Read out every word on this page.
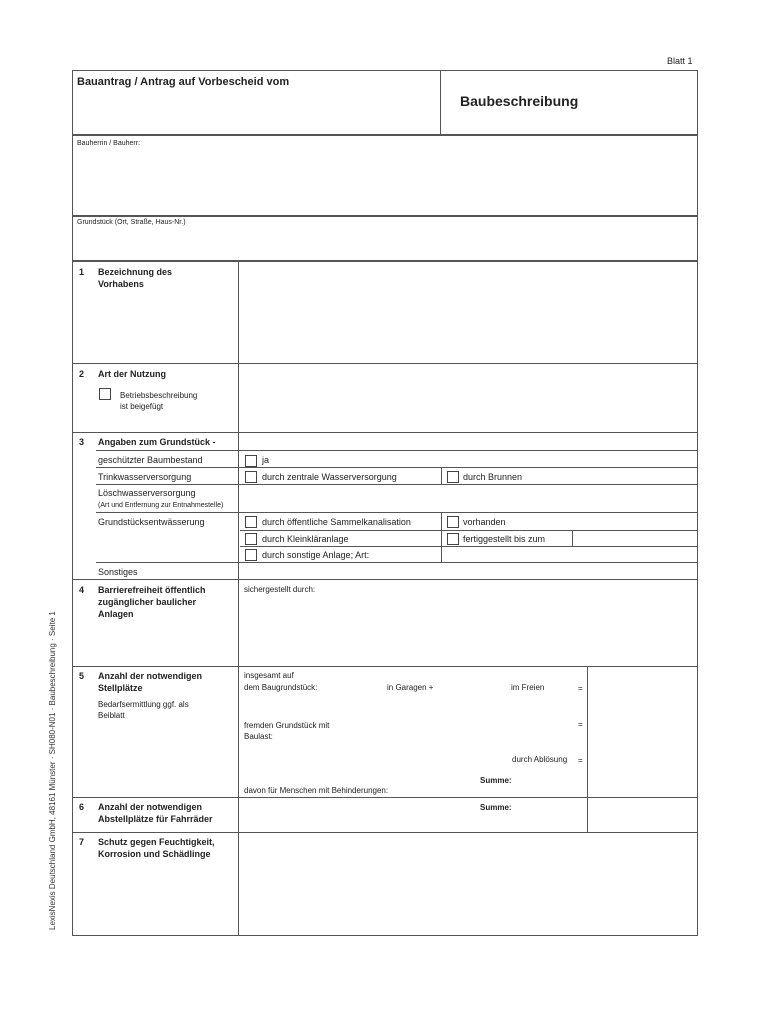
Blatt 1
Bauantrag / Antrag auf Vorbescheid vom
Baubeschreibung
Bauherrin / Bauherr:
Grundstück (Ort, Straße, Haus-Nr.)
1 Bezeichnung des
Vorhabens
2 Art der Nutzung
Betriebsbeschreibung
ist beigefügt
3 Angaben zum Grundstück -
geschützter Baumbestand	ja
Trinkwasserversorgung	durch zentrale Wasserversorgung	durch Brunnen
Löschwasserversorgung
(Art und Entfernung zur Entnahmestelle)
Grundstücksentwässerung	durch öffentliche Sammelkanalisation	vorhanden
durch Kleinkläranlage	fertiggestellt bis zum
durch sonstige Anlage; Art:
Sonstiges
4 Barrierefreiheit öffentlich
zugänglicher baulicher
Anlagen
sichergestellt durch:
5 Anzahl der notwendigen
Stellplätze
Bedarfsermittlung ggf. als
Beiblatt
insgesamt auf
dem Baugrundstück:	in Garagen +	im Freien	=
fremden Grundstück mit
Baulast:
=
durch Ablösung =
Summe:
davon für Menschen mit Behinderungen:
6 Anzahl der notwendigen
Abstellplätze für Fahrräder
Summe:
7 Schutz gegen Feuchtigkeit,
Korrosion und Schädlinge
LexisNexis Deutschland GmbH, 48161 Münster · SH080-N01 · Baubeschreibung · Seite 1
